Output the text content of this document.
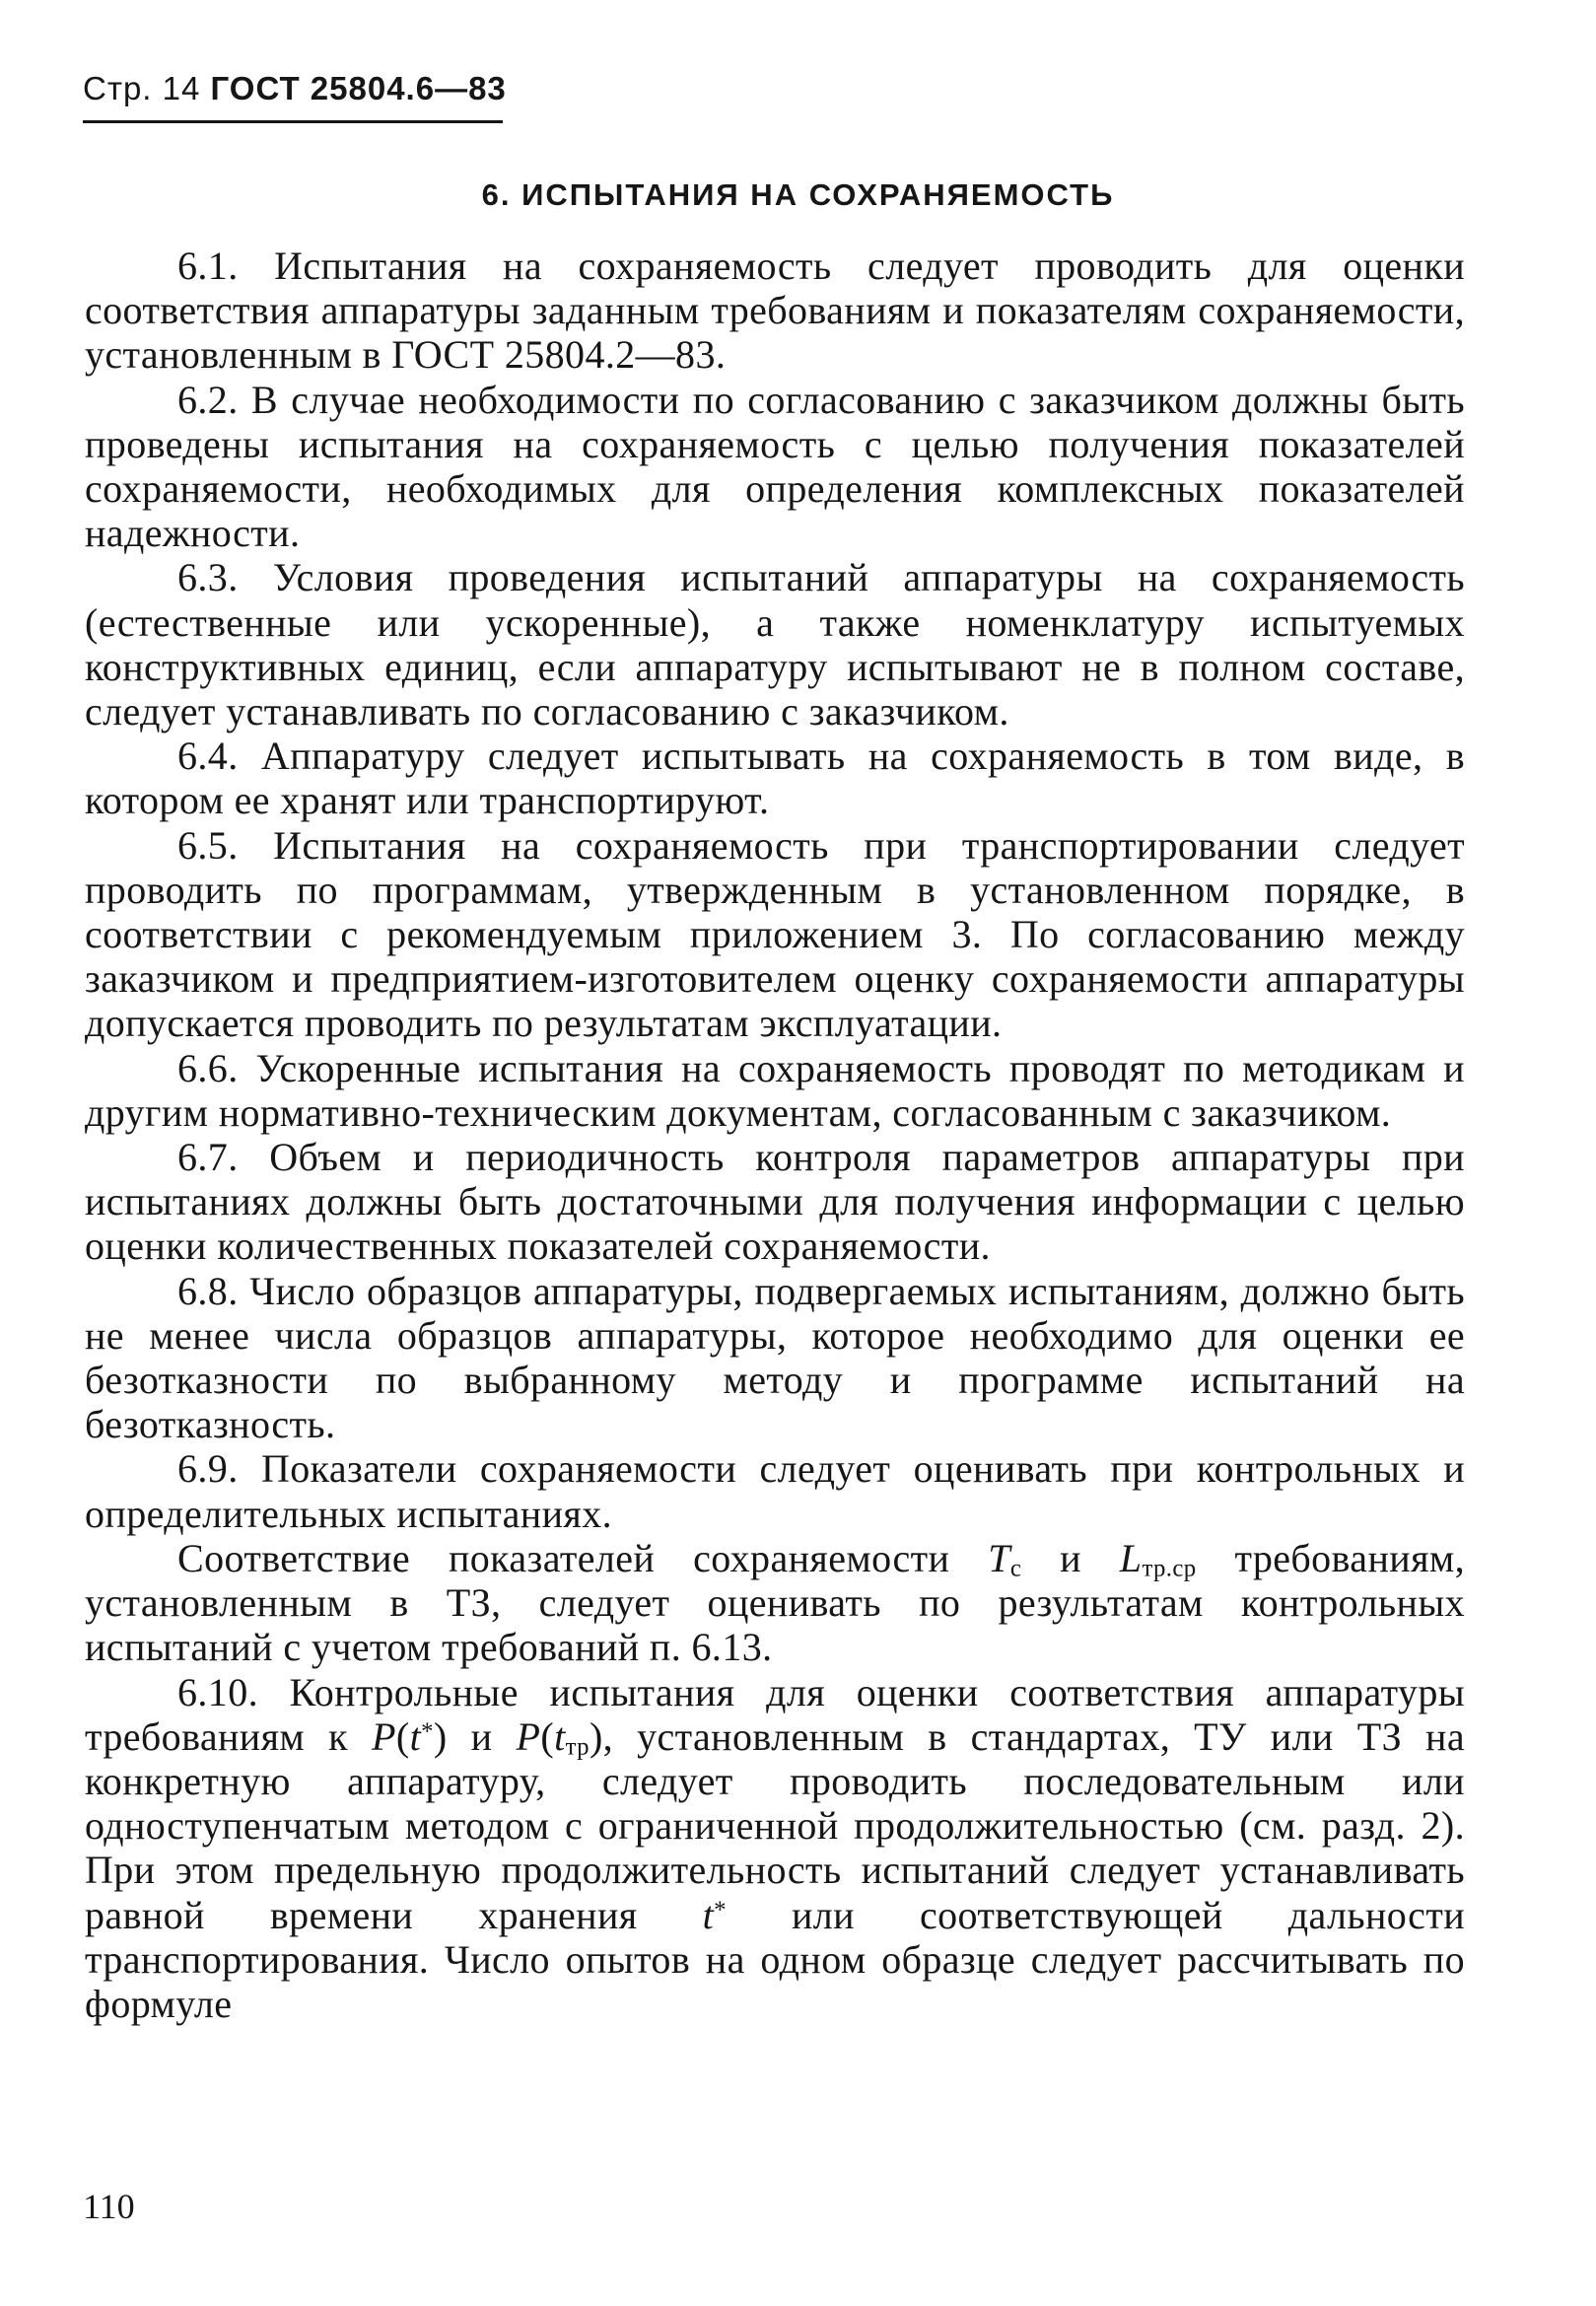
Стр. 14 ГОСТ 25804.6—83
6. ИСПЫТАНИЯ НА СОХРАНЯЕМОСТЬ

6.1. Испытания на сохраняемость следует проводить для оценки соответствия аппаратуры заданным требованиям и показателям сохраняемости, установленным в ГОСТ 25804.2—83.

6.2. В случае необходимости по согласованию с заказчиком должны быть проведены испытания на сохраняемость с целью получения показателей сохраняемости, необходимых для определения комплексных показателей надежности.

6.3. Условия проведения испытаний аппаратуры на сохраняемость (естественные или ускоренные), а также номенклатуру испытуемых конструктивных единиц, если аппаратуру испытывают не в полном составе, следует устанавливать по согласованию с заказчиком.

6.4. Аппаратуру следует испытывать на сохраняемость в том виде, в котором ее хранят или транспортируют.

6.5. Испытания на сохраняемость при транспортировании следует проводить по программам, утвержденным в установленном порядке, в соответствии с рекомендуемым приложением 3. По согласованию между заказчиком и предприятием-изготовителем оценку сохраняемости аппаратуры допускается проводить по результатам эксплуатации.

6.6. Ускоренные испытания на сохраняемость проводят по методикам и другим нормативно-техническим документам, согласованным с заказчиком.

6.7. Объем и периодичность контроля параметров аппаратуры при испытаниях должны быть достаточными для получения информации с целью оценки количественных показателей сохраняемости.

6.8. Число образцов аппаратуры, подвергаемых испытаниям, должно быть не менее числа образцов аппаратуры, которое необходимо для оценки ее безотказности по выбранному методу и программе испытаний на безотказность.

6.9. Показатели сохраняемости следует оценивать при контрольных и определительных испытаниях.

Соответствие показателей сохраняемости $T_с$ и $L_{тр.ср}$ требованиям, установленным в ТЗ, следует оценивать по результатам контрольных испытаний с учетом требований п. 6.13.

6.10. Контрольные испытания для оценки соответствия аппаратуры требованиям к P(t*) и $P(t_{тр})$, установленным в стандартах, ТУ или ТЗ на конкретную аппаратуру, следует проводить последовательным или одноступенчатым методом с ограниченной продолжительностью (см. разд. 2). При этом предельную продолжительность испытаний следует устанавливать равной времени хранения t* или соответствующей дальности транспортирования. Число опытов на одном образце следует рассчитывать по формуле

110
